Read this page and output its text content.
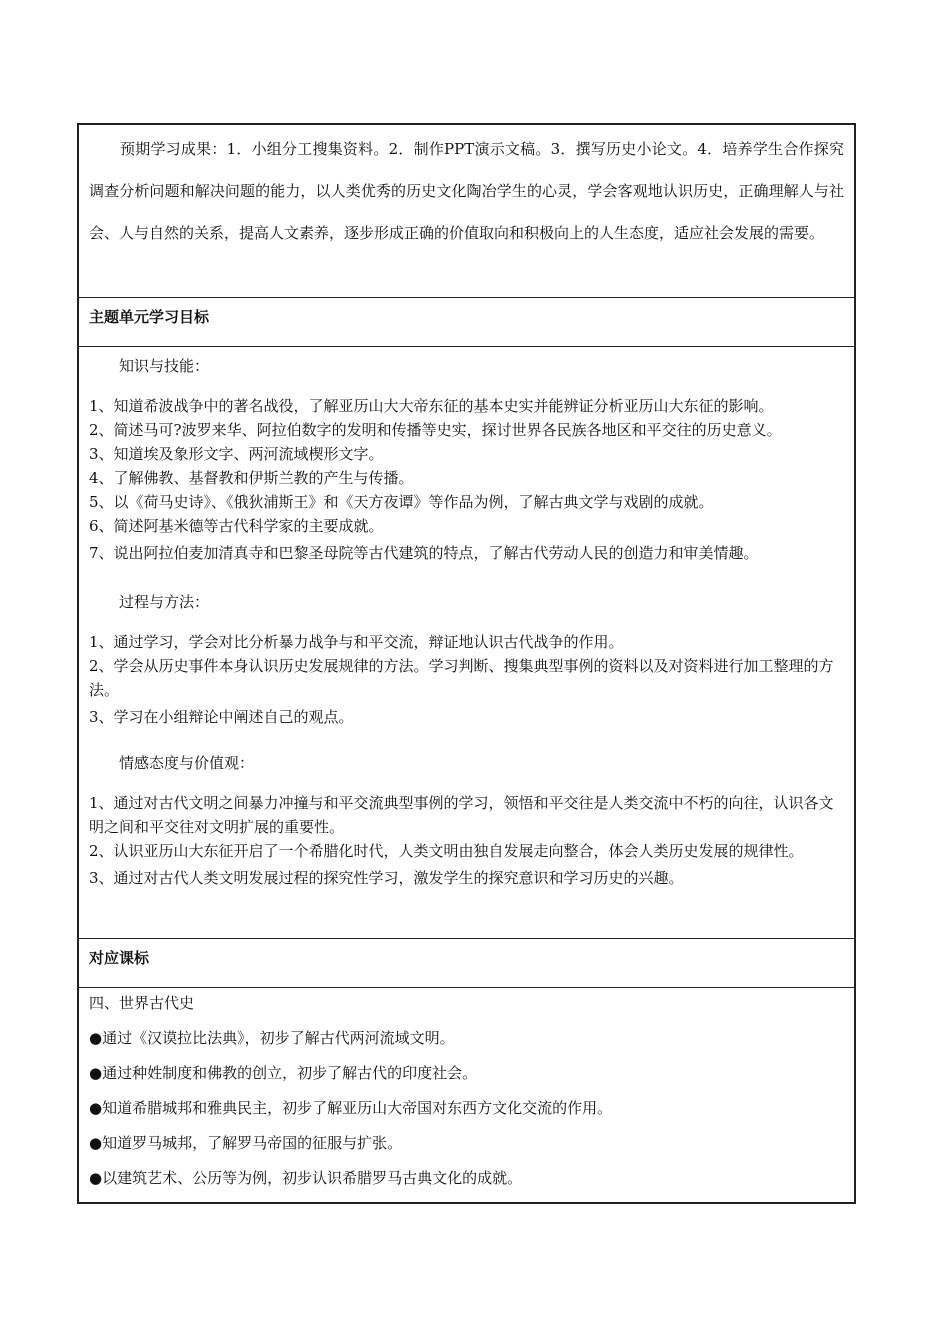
预期学习成果：1．小组分工搜集资料。2．制作PPT演示文稿。3．撰写历史小论文。4．培养学生合作探究调查分析问题和解决问题的能力，以人类优秀的历史文化陶冶学生的心灵，学会客观地认识历史，正确理解人与社会、人与自然的关系，提高人文素养，逐步形成正确的价值取向和积极向上的人生态度，适应社会发展的需要。

主题单元学习目标
知识与技能：

1、知道希波战争中的著名战役，了解亚历山大大帝东征的基本史实并能辨证分析亚历山大东征的影响。

2、简述马可?波罗来华、阿拉伯数字的发明和传播等史实，探讨世界各民族各地区和平交往的历史意义。

3、知道埃及象形文字、两河流域楔形文字。

4、了解佛教、基督教和伊斯兰教的产生与传播。

5、以《荷马史诗》、《俄狄浦斯王》和《天方夜谭》等作品为例，了解古典文学与戏剧的成就。

6、简述阿基米德等古代科学家的主要成就。

7、说出阿拉伯麦加清真寺和巴黎圣母院等古代建筑的特点，了解古代劳动人民的创造力和审美情趣。

过程与方法：

1、通过学习，学会对比分析暴力战争与和平交流，辩证地认识古代战争的作用。

2、学会从历史事件本身认识历史发展规律的方法。学习判断、搜集典型事例的资料以及对资料进行加工整理的方法。

3、学习在小组辩论中阐述自己的观点。

情感态度与价值观：

1、通过对古代文明之间暴力冲撞与和平交流典型事例的学习，领悟和平交往是人类交流中不朽的向往，认识各文明之间和平交往对文明扩展的重要性。

2、认识亚历山大东征开启了一个希腊化时代，人类文明由独自发展走向整合，体会人类历史发展的规律性。

3、通过对古代人类文明发展过程的探究性学习，激发学生的探究意识和学习历史的兴趣。

对应课标

四、世界古代史

●通过《汉谟拉比法典》，初步了解古代两河流域文明。

●通过种姓制度和佛教的创立，初步了解古代的印度社会。

●知道希腊城邦和雅典民主，初步了解亚历山大帝国对东西方文化交流的作用。

●知道罗马城邦，了解罗马帝国的征服与扩张。

●以建筑艺术、公历等为例，初步认识希腊罗马古典文化的成就。
